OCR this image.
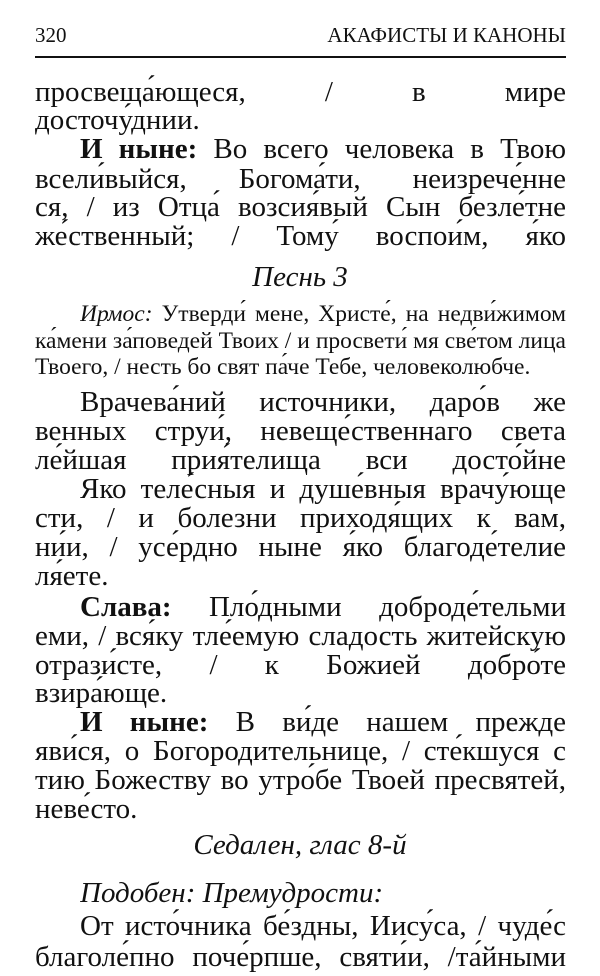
320	АКАФИСТЫ И КАНОНЫ
просвеща́ющеся, / в мире
досточу́днии.
И ныне: Во всего человека в Твою
всели́выйся, Богома́ти, неизрече́нне
ся, / из Отца́ возсия́вый Сын безле́тне
же́ственный; / Тому́ воспои́м, я́ко
Песнь 3
Ирмос: Утверди́ мене, Христе́, на недви́жимом
ка́мени за́поведей Твоих / и просвети́ мя све́том лица
Твоего, / несть бо свят па́че Тебе, человеколюбче.
Врачева́ний источники, даро́в же
венных струи́, невеще́ственнаго света
ле́йшая прия́телища вси досто́йне
Яко теле́сныя и душе́вныя врачу́юще
сти, / и болезни приходя́щих к вам,
ни́и, / усе́рдно ныне я́ко благоде́телие
ля́ете.
Слава: Пло́дными доброде́тельми
еми, / вся́ку тле́емую сладость житейскую
отрази́сте, / к Божией добро́те
взира́юще.
И ныне: В ви́де нашем прежде
яви́ся, о Богородительнице, / сте́кшуся с
тию Божеству во утро́бе Твоей пресвятей,
неве́сто.
Седален, глас 8-й
Подобен: Премудрости:
От исто́чника бе́здны, Иису́са, / чуде́с
благоле́пно поче́рпше, святи́и, /та́йными
